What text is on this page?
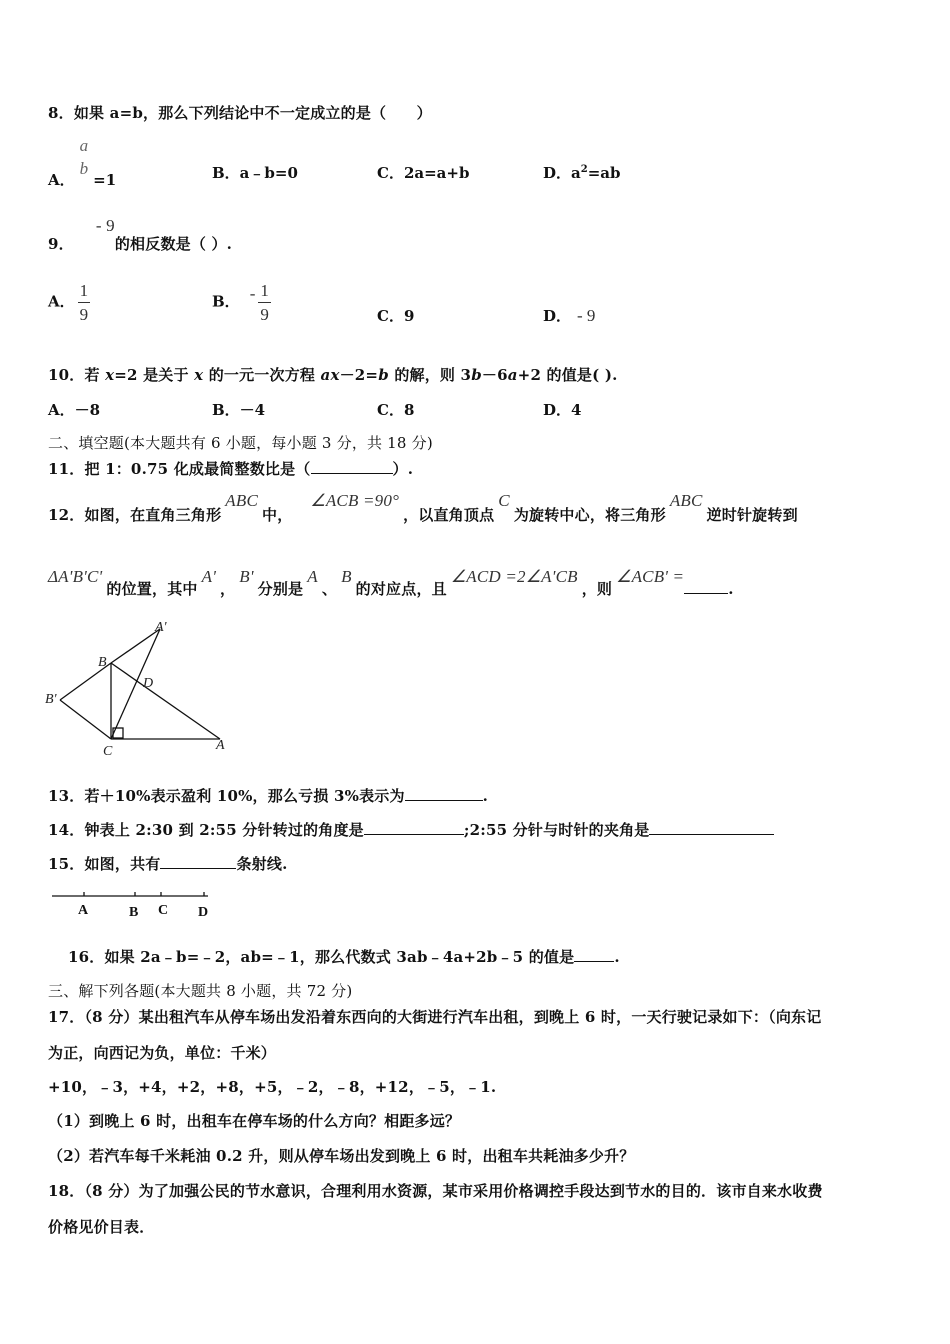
8．如果 a=b，那么下列结论中不一定成立的是（　　）
A．
a
b
=1	B．a﹣b=0	C．2a=a+b	D．$a^2=ab$
9．- 9的相反数是（ ）.
A． $\frac{1}{9}$	B． - $\frac{1}{9}$	C．9	D． - 9
10．若 x=2 是关于 x 的一元一次方程 ax－2=b 的解，则 3b－6a+2 的值是( ).
A．－8	B．－4	C．8	D．4
二、填空题(本大题共有 6 小题，每小题 3 分，共 18 分)
11．把 1：0.75 化成最简整数比是（	）.
12．如图，在直角三角形ABC中，∠ACB =90°，以直角顶点C为旋转中心，将三角形ABC逆时针旋转到
ΔA'B'C'的位置，其中A'，B'分别是A、B的对应点，且∠ACD =2∠A'CB，则∠ACB' =.
A'
B
B'
D
C	A
13．若＋10%表示盈利 10%，那么亏损 3%表示为	.
14．钟表上 2:30 到 2:55 分针转过的角度是	;2:55 分针与时针的夹角是
15．如图，共有	条射线.
A	B C D
16．如果 2a﹣b=﹣2，ab=﹣1，那么代数式 3ab﹣4a+2b﹣5 的值是	.
三、解下列各题(本大题共 8 小题，共 72 分)
17．（8 分）某出租汽车从停车场出发沿着东西向的大街进行汽车出租，到晚上 6 时，一天行驶记录如下：（向东记
为正，向西记为负，单位：千米）
+10，﹣3，+4，+2，+8，+5，﹣2，﹣8，+12，﹣5，﹣1.
（1）到晚上 6 时，出租车在停车场的什么方向？相距多远？
（2）若汽车每千米耗油 0.2 升，则从停车场出发到晚上 6 时，出租车共耗油多少升？
18．（8 分）为了加强公民的节水意识，合理利用水资源，某市采用价格调控手段达到节水的目的．该市自来水收费
价格见价目表．
